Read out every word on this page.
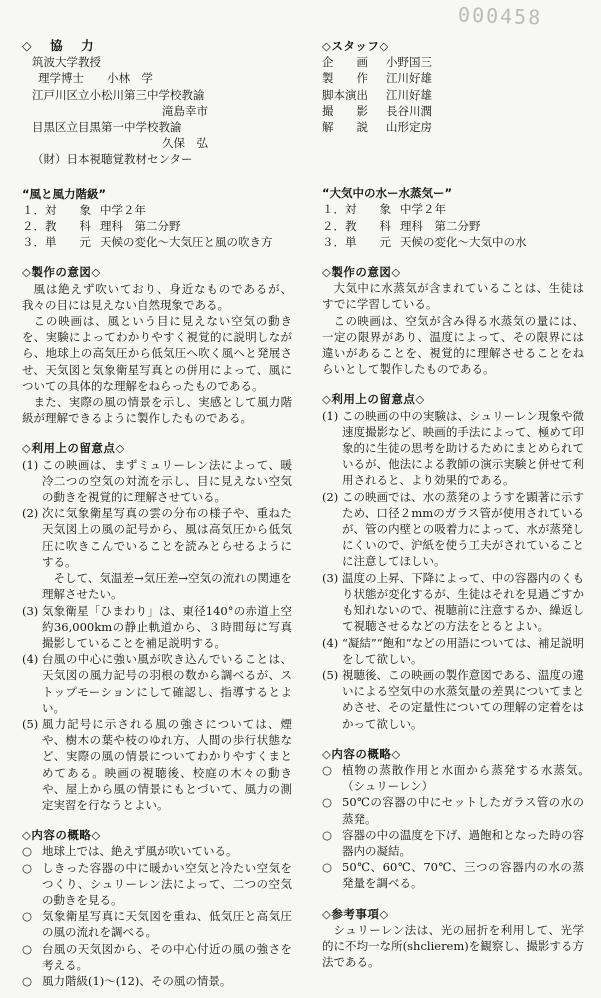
000458
◇　協　力
筑波大学教授
理学博士　　小林　学
江戸川区立小松川第三中学校教諭
滝島幸市
目黒区立目黒第一中学校教諭
久保　弘
（財）日本視聴覚教材センター
“風と風力階級”
１．対　　象 中学２年
２．教　　科 理科　第二分野
３．単　　元 天候の変化〜大気圧と風の吹き方
◇製作の意図◇

風は絶えず吹いており、身近なものであるが、我々の目には見えない自然現象である。

この映画は、風という目に見えない空気の動きを、実験によってわかりやすく視覚的に説明しながら、地球上の高気圧から低気圧へ吹く風へと発展させ、天気図と気象衛星写真との併用によって、風についての具体的な理解をねらったものである。

また、実際の風の情景を示し、実感として風力階級が理解できるように製作したものである。

◇利用上の留意点◇
(1) この映画は、まずミュリーレン法によって、暖冷二つの空気の対流を示し、目に見えない空気の動きを視覚的に理解させている。

(2) 次に気象衛星写真の雲の分布の様子や、重ねた天気図上の風の記号から、風は高気圧から低気圧に吹きこんでいることを読みとらせるようにする。

そして、気温差→気圧差→空気の流れの関連を理解させたい。

(3) 気象衛星「ひまわり」は、東径140°の赤道上空約36,000kmの静止軌道から、３時間毎に写真撮影していることを補足説明する。

(4) 台風の中心に強い風が吹き込んでいることは、天気図の風力記号の羽根の数から調べるが、ストップモーションにして確認し、指導するとよい。

(5) 風力記号に示される風の強さについては、煙や、樹木の葉や枝のゆれ方、人間の歩行状態など、実際の風の情景についてわかりやすくまとめてある。映画の視聴後、校庭の木々の動きや、屋上から風の情景にもとづいて、風力の測定実習を行なうとよい。

◇内容の概略◇
○ 地球上では、絶えず風が吹いている。
○ しきった容器の中に暖かい空気と冷たい空気をつくり、シュリーレン法によって、二つの空気の動きを見る。
○ 気象衛星写真に天気図を重ね、低気圧と高気圧の風の流れを調べる。
○ 台風の天気図から、その中心付近の風の強さを考える。
○ 風力階級(1)〜(12)、その風の情景。
◇スタッフ◇
企　　画	小野国三
製　　作	江川好雄
脚本演出	江川好雄
撮　　影	長谷川潤
解　　説	山形定房
“大気中の水ー水蒸気ー”
１．対　　象 中学２年
２．教　　科 理科　第二分野
３．単　　元 天候の変化〜大気中の水
◇製作の意図◇

大気中に水蒸気が含まれていることは、生徒はすでに学習している。

この映画は、空気が含み得る水蒸気の量には、一定の限界があり、温度によって、その限界には違いがあることを、視覚的に理解させることをねらいとして製作したものである。

◇利用上の留意点◇
(1) この映画の中の実験は、シュリーレン現象や微速度撮影など、映画的手法によって、極めて印象的に生徒の思考を助けるためにまとめられているが、他法による教師の演示実験と併せて利用されると、より効果的である。

(2) この映画では、水の蒸発のようすを顕著に示すため、口径２mmのガラス管が使用されているが、管の内壁との吸着力によって、水が蒸発しにくいので、沪紙を使う工夫がされていることに注意してほしい。

(3) 温度の上昇、下降によって、中の容器内のくもり状態が変化するが、生徒はそれを見過ごすかも知れないので、視聴前に注意するか、繰返して視聴させるなどの方法をとるとよい。

(4) “凝結”“飽和”などの用語については、補足説明をして欲しい。

(5) 視聴後、この映画の製作意図である、温度の違いによる空気中の水蒸気量の差異についてまとめさせ、その定量性についての理解の定着をはかって欲しい。

◇内容の概略◇
○ 植物の蒸散作用と水面から蒸発する水蒸気。　（シュリーレン）
○ 50℃の容器の中にセットしたガラス管の水の蒸発。
○ 容器の中の温度を下げ、過飽和となった時の容器内の凝結。
○ 50℃、60℃、70℃、三つの容器内の水の蒸発量を調べる。
◇参考事項◇

シュリーレン法は、光の屈折を利用して、光学的に不均一な所(shclierem)を観察し、撮影する方法である。
